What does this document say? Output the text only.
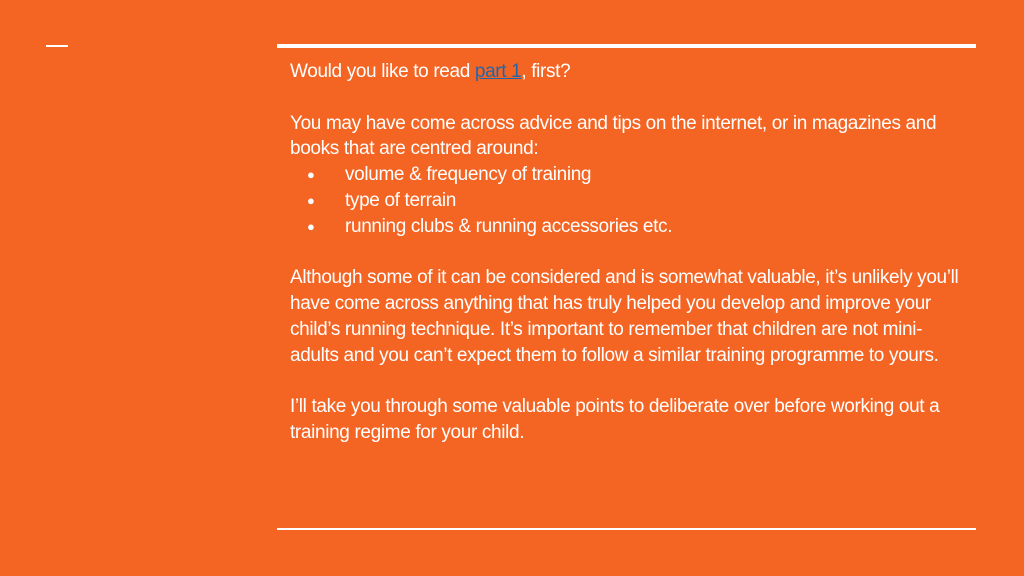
Would you like to read part 1, first?

You may have come across advice and tips on the internet, or in magazines and books that are centred around:

● volume & frequency of training
● type of terrain
● running clubs & running accessories etc.

Although some of it can be considered and is somewhat valuable, it’s unlikely you’ll have come across anything that has truly helped you develop and improve your child’s running technique. It’s important to remember that children are not mini-adults and you can’t expect them to follow a similar training programme to yours.

I’ll take you through some valuable points to deliberate over before working out a training regime for your child.
